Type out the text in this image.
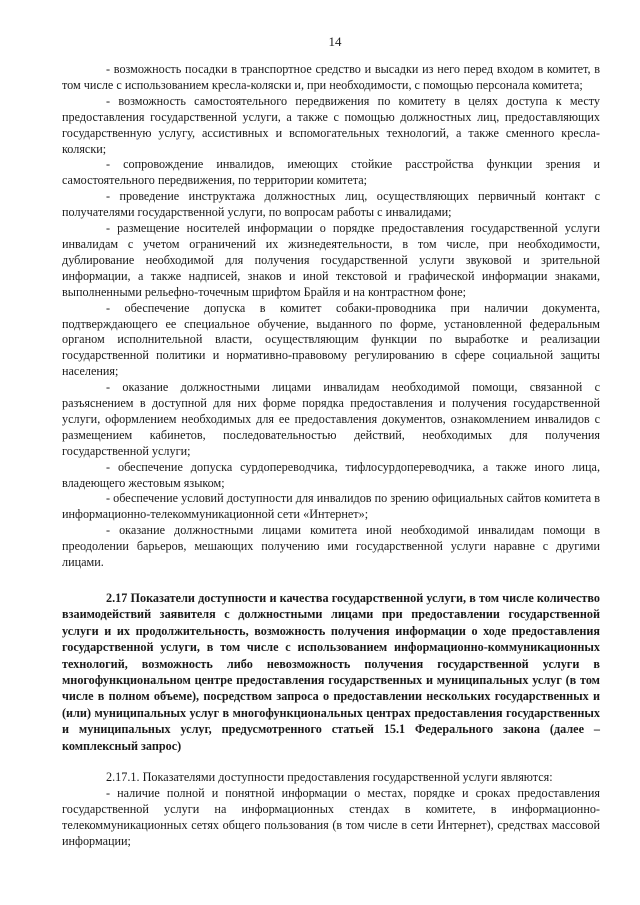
14

- возможность посадки в транспортное средство и высадки из него перед входом в комитет, в том числе с использованием кресла-коляски и, при необходимости, с помощью персонала комитета;

- возможность самостоятельного передвижения по комитету в целях доступа к месту предоставления государственной услуги, а также с помощью должностных лиц, предоставляющих государственную услугу, ассистивных и вспомогательных технологий, а также сменного кресла-коляски;

- сопровождение инвалидов, имеющих стойкие расстройства функции зрения и самостоятельного передвижения, по территории комитета;

- проведение инструктажа должностных лиц, осуществляющих первичный контакт с получателями государственной услуги, по вопросам работы с инвалидами;

- размещение носителей информации о порядке предоставления государственной услуги инвалидам с учетом ограничений их жизнедеятельности, в том числе, при необходимости, дублирование необходимой для получения государственной услуги звуковой и зрительной информации, а также надписей, знаков и иной текстовой и графической информации знаками, выполненными рельефно-точечным шрифтом Брайля и на контрастном фоне;

- обеспечение допуска в комитет собаки-проводника при наличии документа, подтверждающего ее специальное обучение, выданного по форме, установленной федеральным органом исполнительной власти, осуществляющим функции по выработке и реализации государственной политики и нормативно-правовому регулированию в сфере социальной защиты населения;

- оказание должностными лицами инвалидам необходимой помощи, связанной с разъяснением в доступной для них форме порядка предоставления и получения государственной услуги, оформлением необходимых для ее предоставления документов, ознакомлением инвалидов с размещением кабинетов, последовательностью действий, необходимых для получения государственной услуги;

- обеспечение допуска сурдопереводчика, тифлосурдопереводчика, а также иного лица, владеющего жестовым языком;

- обеспечение условий доступности для инвалидов по зрению официальных сайтов комитета в информационно-телекоммуникационной сети «Интернет»;

- оказание должностными лицами комитета иной необходимой инвалидам помощи в преодолении барьеров, мешающих получению ими государственной услуги наравне с другими лицами.

2.17 Показатели доступности и качества государственной услуги, в том числе количество взаимодействий заявителя с должностными лицами при предоставлении государственной услуги и их продолжительность, возможность получения информации о ходе предоставления государственной услуги, в том числе с использованием информационно-коммуникационных технологий, возможность либо невозможность получения государственной услуги в многофункциональном центре предоставления государственных и муниципальных услуг (в том числе в полном объеме), посредством запроса о предоставлении нескольких государственных и (или) муниципальных услуг в многофункциональных центрах предоставления государственных и муниципальных услуг, предусмотренного статьей 15.1 Федерального закона (далее – комплексный запрос)

2.17.1. Показателями доступности предоставления государственной услуги являются:

- наличие полной и понятной информации о местах, порядке и сроках предоставления государственной услуги на информационных стендах в комитете, в информационно-телекоммуникационных сетях общего пользования (в том числе в сети Интернет), средствах массовой информации;
